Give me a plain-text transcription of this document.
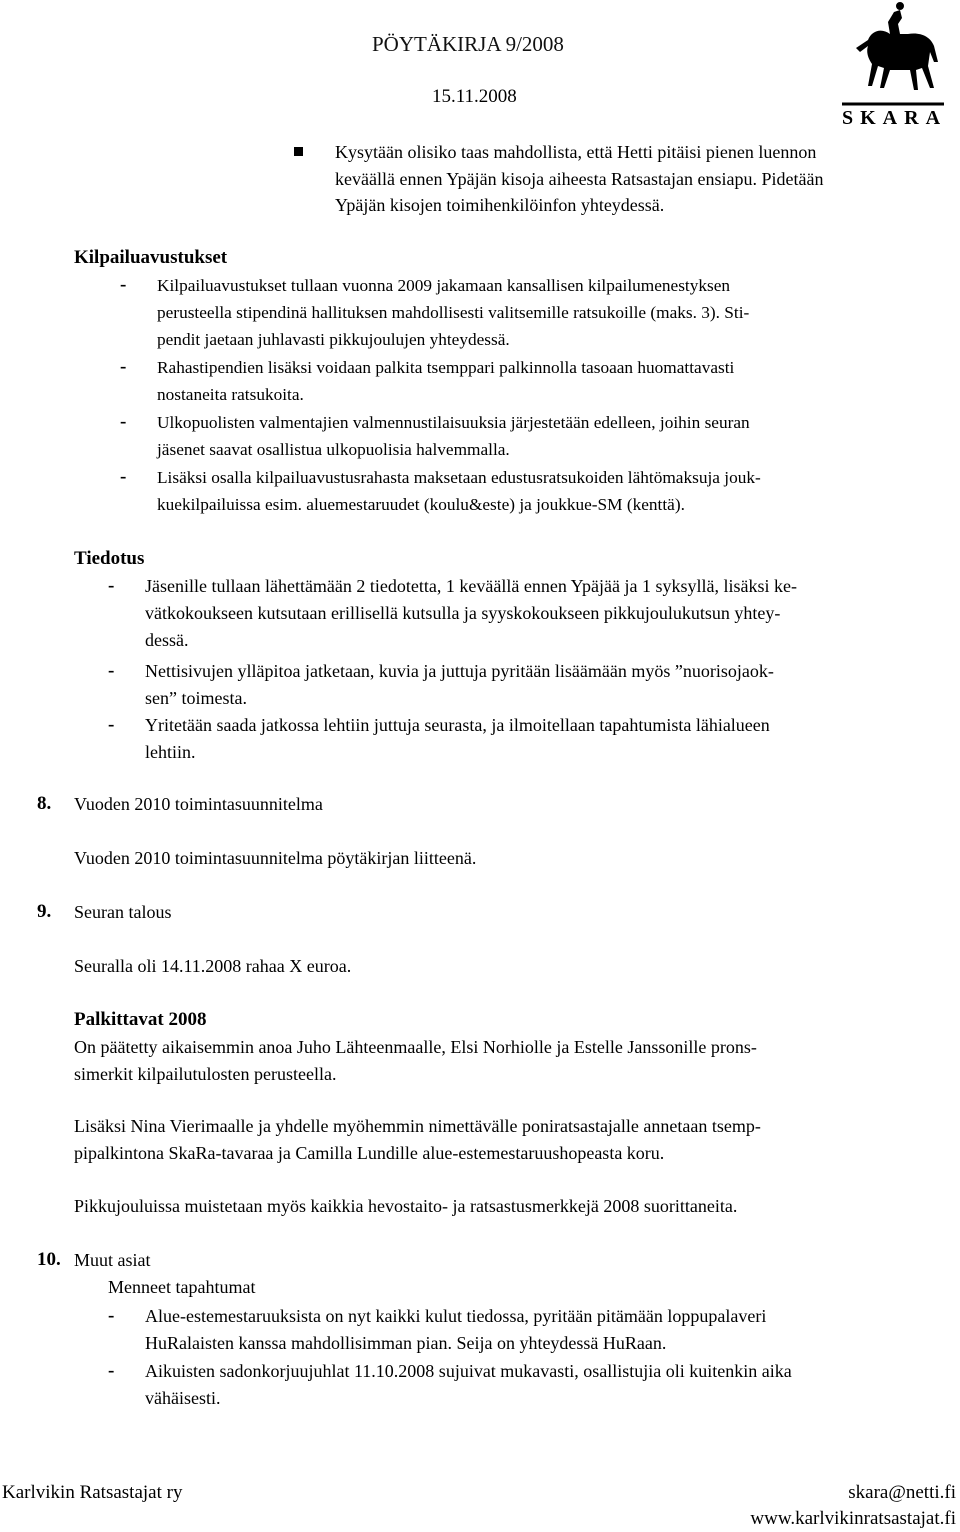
PÖYTÄKIRJA 9/2008
15.11.2008
SKARA
Kysytään olisiko taas mahdollista, että Hetti pitäisi pienen luennon
keväällä ennen Ypäjän kisoja aiheesta Ratsastajan ensiapu. Pidetään
Ypäjän kisojen toimihenkilöinfon yhteydessä.
Kilpailuavustukset
- Kilpailuavustukset tullaan vuonna 2009 jakamaan kansallisen kilpailumenestyksen
perusteella stipendinä hallituksen mahdollisesti valitsemille ratsukoille (maks. 3). Sti-
pendit jaetaan juhlavasti pikkujoulujen yhteydessä.
- Rahastipendien lisäksi voidaan palkita tsemppari palkinnolla tasoaan huomattavasti
nostaneita ratsukoita.
- Ulkopuolisten valmentajien valmennustilaisuuksia järjestetään edelleen, joihin seuran
jäsenet saavat osallistua ulkopuolisia halvemmalla.
- Lisäksi osalla kilpailuavustusrahasta maksetaan edustusratsukoiden lähtömaksuja jouk-
kuekilpailuissa esim. aluemestaruudet (koulu&este) ja joukkue-SM (kenttä).
Tiedotus
- Jäsenille tullaan lähettämään 2 tiedotetta, 1 keväällä ennen Ypäjää ja 1 syksyllä, lisäksi ke-
vätkokoukseen kutsutaan erillisellä kutsulla ja syyskokoukseen pikkujoulukutsun yhtey-
dessä.
- Nettisivujen ylläpitoa jatketaan, kuvia ja juttuja pyritään lisäämään myös ”nuorisojaok-
sen” toimesta.
- Yritetään saada jatkossa lehtiin juttuja seurasta, ja ilmoitellaan tapahtumista lähialueen
lehtiin.
8. Vuoden 2010 toimintasuunnitelma
Vuoden 2010 toimintasuunnitelma pöytäkirjan liitteenä.
9. Seuran talous
Seuralla oli 14.11.2008 rahaa X euroa.
Palkittavat 2008
On päätetty aikaisemmin anoa Juho Lähteenmaalle, Elsi Norhiolle ja Estelle Janssonille prons-
simerkit kilpailutulosten perusteella.
Lisäksi Nina Vierimaalle ja yhdelle myöhemmin nimettävälle poniratsastajalle annetaan tsemp-
pipalkintona SkaRa-tavaraa ja Camilla Lundille alue-estemestaruushopeasta koru.
Pikkujouluissa muistetaan myös kaikkia hevostaito- ja ratsastusmerkkejä 2008 suorittaneita.
10. Muut asiat
Menneet tapahtumat
- Alue-estemestaruuksista on nyt kaikki kulut tiedossa, pyritään pitämään loppupalaveri
HuRalaisten kanssa mahdollisimman pian. Seija on yhteydessä HuRaan.
- Aikuisten sadonkorjuujuhlat 11.10.2008 sujuivat mukavasti, osallistujia oli kuitenkin aika
vähäisesti.
Karlvikin Ratsastajat ry	skara@netti.fi
www.karlvikinratsastajat.fi
